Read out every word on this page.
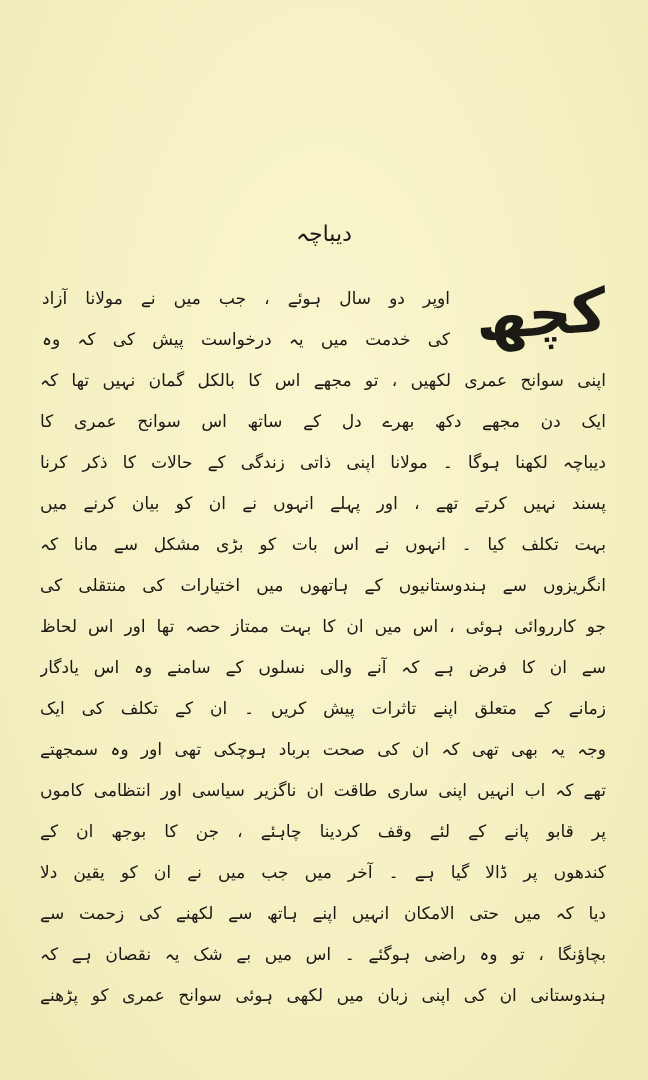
دیباچہ
کچھ
اوپر دو سال ہوئے ، جب میں نے مولانا آزاد
کی خدمت میں یہ درخواست پیش کی کہ وہ
اپنی سوانح عمری لکھیں ، تو مجھے اس کا بالکل گمان نہیں تھا کہ
ایک دن مجھے دکھ بھرے دل کے ساتھ اس سوانح عمری کا
دیباچہ لکھنا ہوگا ۔ مولانا اپنی ذاتی زندگی کے حالات کا ذکر کرنا
پسند نہیں کرتے تھے ، اور پہلے انہوں نے ان کو بیان کرنے میں
بہت تکلف کیا ۔ انہوں نے اس بات کو بڑی مشکل سے مانا کہ
انگریزوں سے ہندوستانیوں کے ہاتھوں میں اختیارات کی منتقلی کی
جو کارروائی ہوئی ، اس میں ان کا بہت ممتاز حصہ تھا اور اس لحاظ
سے ان کا فرض ہے کہ آنے والی نسلوں کے سامنے وہ اس یادگار
زمانے کے متعلق اپنے تاثرات پیش کریں ۔ ان کے تکلف کی ایک
وجہ یہ بھی تھی کہ ان کی صحت برباد ہوچکی تھی اور وہ سمجھتے
تھے کہ اب انہیں اپنی ساری طاقت ان ناگزیر سیاسی اور انتظامی کاموں
پر قابو پانے کے لئے وقف کردینا چاہئے ، جن کا بوجھ ان کے
کندھوں پر ڈالا گیا ہے ۔ آخر میں جب میں نے ان کو یقین دلا
دیا کہ میں حتی الامکان انہیں اپنے ہاتھ سے لکھنے کی زحمت سے
بچاؤنگا ، تو وہ راضی ہوگئے ۔ اس میں بے شک یہ نقصان ہے کہ
ہندوستانی ان کی اپنی زبان میں لکھی ہوئی سوانح عمری کو پڑھنے
